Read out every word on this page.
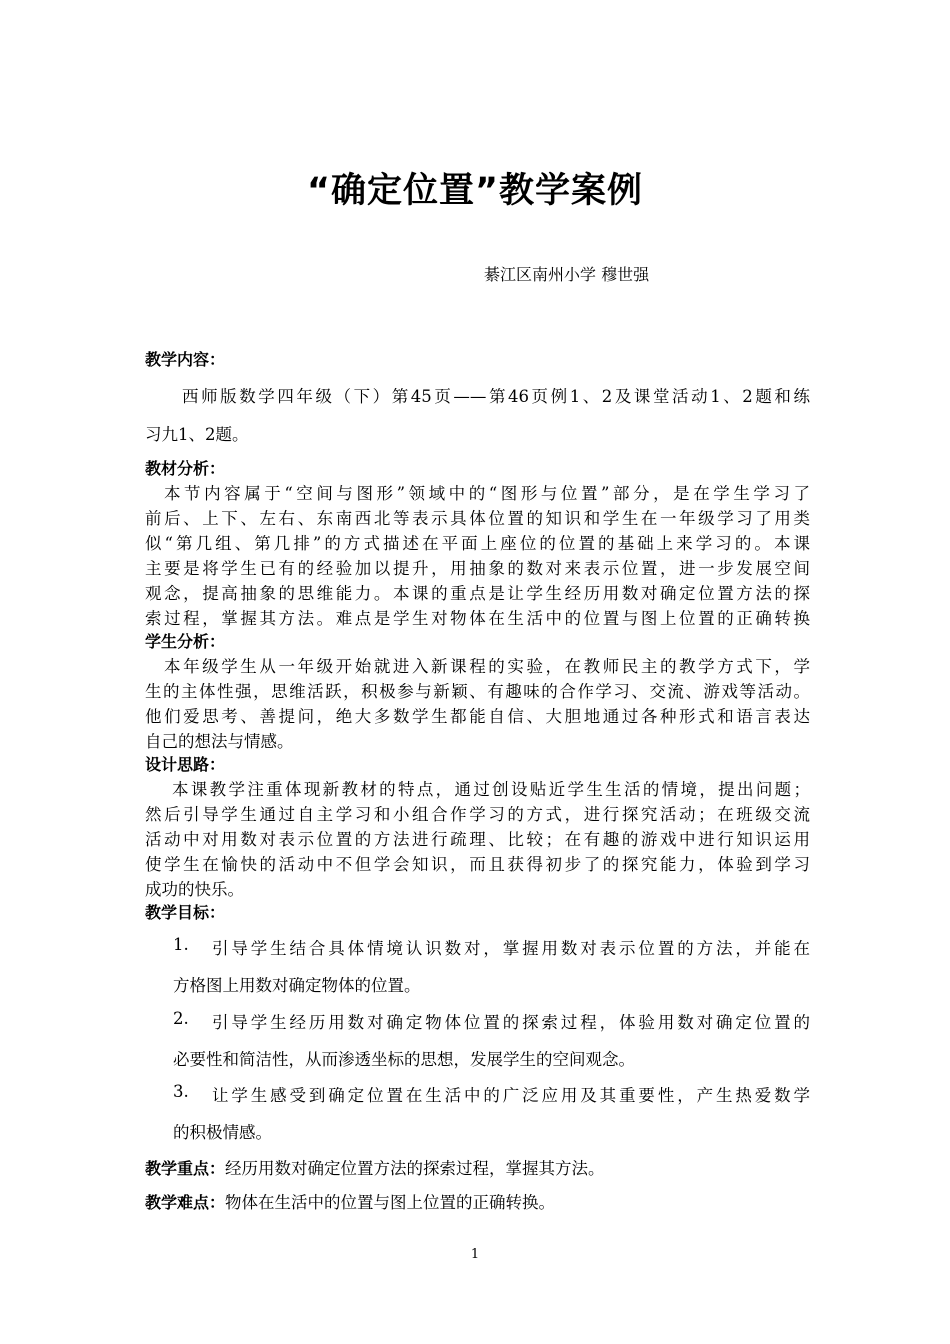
“确定位置”教学案例
綦江区南州小学 穆世强
教学内容：
西师版数学四年级（下）第45页——第46页例1、2及课堂活动1、2题和练
习九1、2题。
教材分析：
本节内容属于“空间与图形”领域中的“图形与位置”部分，是在学生学习了
前后、上下、左右、东南西北等表示具体位置的知识和学生在一年级学习了用类
似“第几组、第几排”的方式描述在平面上座位的位置的基础上来学习的。本课
主要是将学生已有的经验加以提升，用抽象的数对来表示位置，进一步发展空间
观念，提高抽象的思维能力。本课的重点是让学生经历用数对确定位置方法的探
索过程，掌握其方法。难点是学生对物体在生活中的位置与图上位置的正确转换
学生分析：
本年级学生从一年级开始就进入新课程的实验，在教师民主的教学方式下，学
生的主体性强，思维活跃，积极参与新颖、有趣味的合作学习、交流、游戏等活动。
他们爱思考、善提问，绝大多数学生都能自信、大胆地通过各种形式和语言表达
自己的想法与情感。
设计思路：
本课教学注重体现新教材的特点，通过创设贴近学生生活的情境，提出问题；
然后引导学生通过自主学习和小组合作学习的方式，进行探究活动；在班级交流
活动中对用数对表示位置的方法进行疏理、比较；在有趣的游戏中进行知识运用
使学生在愉快的活动中不但学会知识，而且获得初步了的探究能力，体验到学习
成功的快乐。
教学目标：
1. 引导学生结合具体情境认识数对，掌握用数对表示位置的方法，并能在
方格图上用数对确定物体的位置。
2. 引导学生经历用数对确定物体位置的探索过程，体验用数对确定位置的
必要性和简洁性，从而渗透坐标的思想，发展学生的空间观念。
3. 让学生感受到确定位置在生活中的广泛应用及其重要性，产生热爱数学
的积极情感。
教学重点：经历用数对确定位置方法的探索过程，掌握其方法。
教学难点：物体在生活中的位置与图上位置的正确转换。
1
